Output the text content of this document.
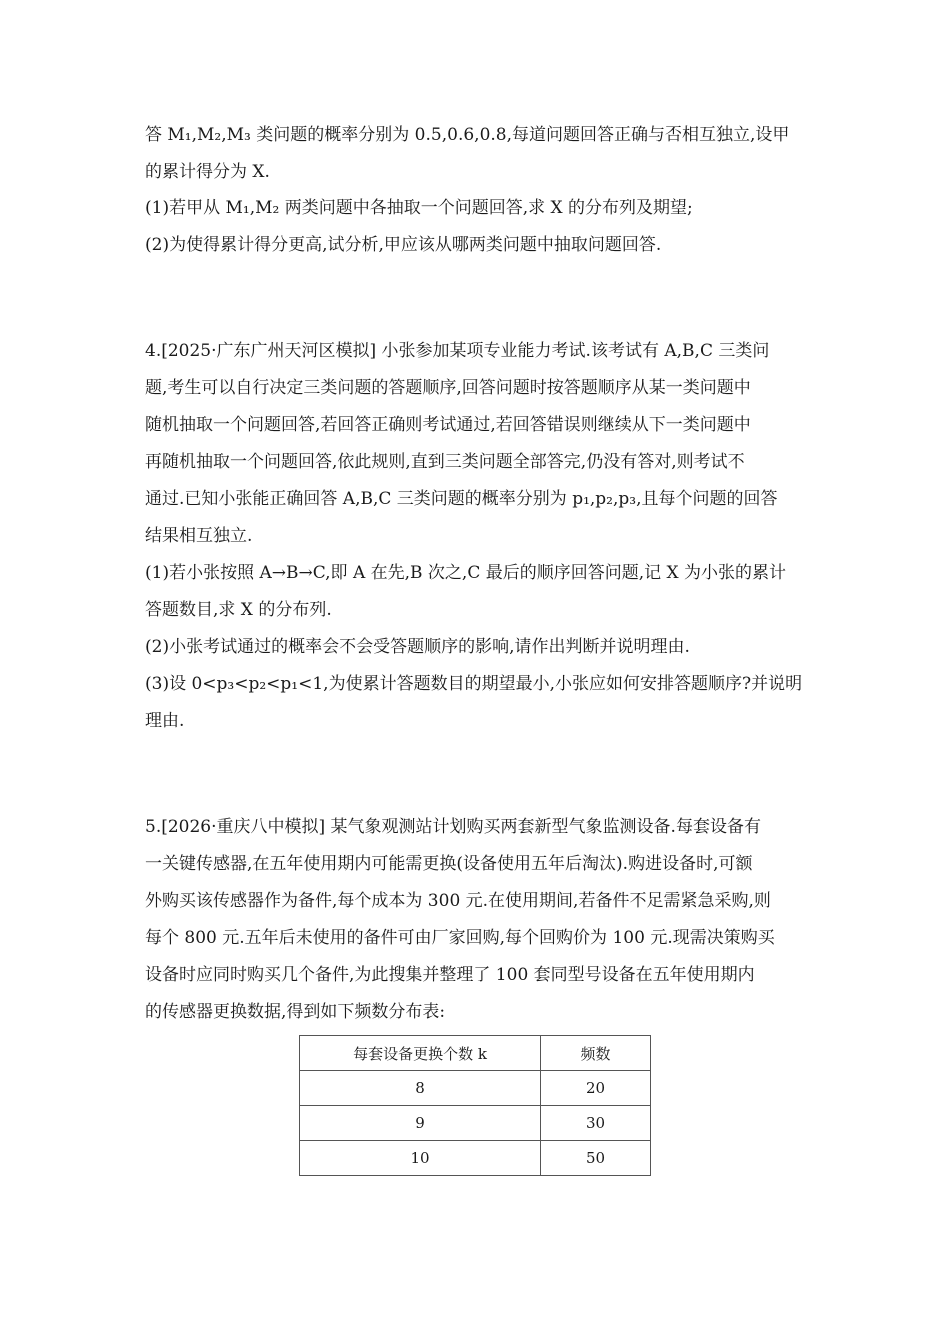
答 M₁,M₂,M₃ 类问题的概率分别为 0.5,0.6,0.8,每道问题回答正确与否相互独立,设甲
的累计得分为 X.
(1)若甲从 M₁,M₂ 两类问题中各抽取一个问题回答,求 X 的分布列及期望;
(2)为使得累计得分更高,试分析,甲应该从哪两类问题中抽取问题回答.
4.[2025·广东广州天河区模拟] 小张参加某项专业能力考试.该考试有 A,B,C 三类问
题,考生可以自行决定三类问题的答题顺序,回答问题时按答题顺序从某一类问题中
随机抽取一个问题回答,若回答正确则考试通过,若回答错误则继续从下一类问题中
再随机抽取一个问题回答,依此规则,直到三类问题全部答完,仍没有答对,则考试不
通过.已知小张能正确回答 A,B,C 三类问题的概率分别为 p₁,p₂,p₃,且每个问题的回答
结果相互独立.
(1)若小张按照 A→B→C,即 A 在先,B 次之,C 最后的顺序回答问题,记 X 为小张的累计
答题数目,求 X 的分布列.
(2)小张考试通过的概率会不会受答题顺序的影响,请作出判断并说明理由.
(3)设 0<p₃<p₂<p₁<1,为使累计答题数目的期望最小,小张应如何安排答题顺序?并说明
理由.
5.[2026·重庆八中模拟] 某气象观测站计划购买两套新型气象监测设备.每套设备有
一关键传感器,在五年使用期内可能需更换(设备使用五年后淘汰).购进设备时,可额
外购买该传感器作为备件,每个成本为 300 元.在使用期间,若备件不足需紧急采购,则
每个 800 元.五年后未使用的备件可由厂家回购,每个回购价为 100 元.现需决策购买
设备时应同时购买几个备件,为此搜集并整理了 100 套同型号设备在五年使用期内
的传感器更换数据,得到如下频数分布表:
每套设备更换个数 k	频数
8	20
9	30
10	50
